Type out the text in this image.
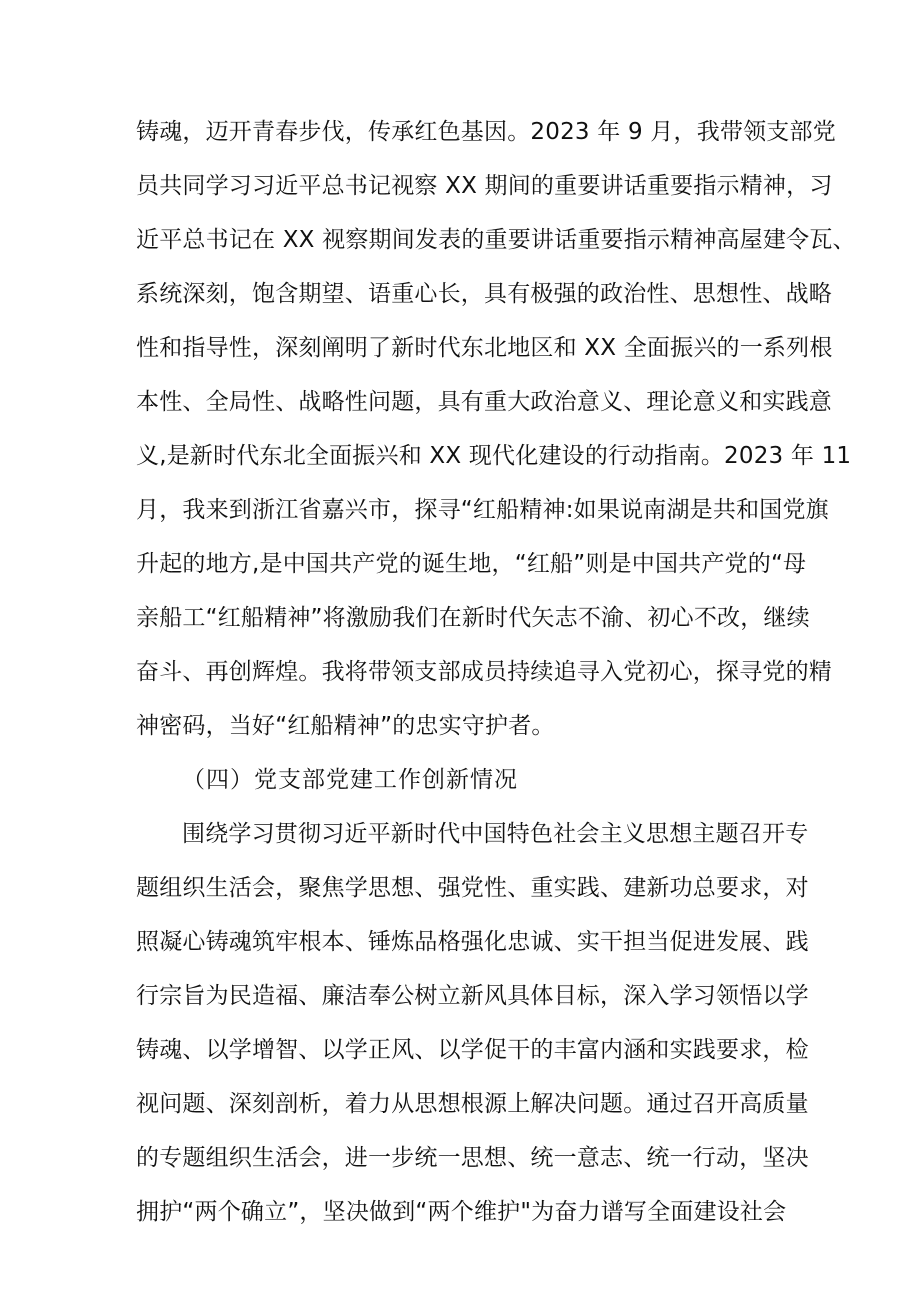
铸魂，迈开青春步伐，传承红色基因。2023 年 9 月，我带领支部党
员共同学习习近平总书记视察 XX 期间的重要讲话重要指示精神，习
近平总书记在 XX 视察期间发表的重要讲话重要指示精神高屋建令瓦、
系统深刻，饱含期望、语重心长，具有极强的政治性、思想性、战略
性和指导性，深刻阐明了新时代东北地区和 XX 全面振兴的一系列根
本性、全局性、战略性问题，具有重大政治意义、理论意义和实践意
义,是新时代东北全面振兴和 XX 现代化建设的行动指南。2023 年 11
月，我来到浙江省嘉兴市，探寻“红船精神:如果说南湖是共和国党旗
升起的地方,是中国共产党的诞生地，“红船”则是中国共产党的“母
亲船工“红船精神”将激励我们在新时代矢志不渝、初心不改，继续
奋斗、再创辉煌。我将带领支部成员持续追寻入党初心，探寻党的精
神密码，当好“红船精神”的忠实守护者。
（四）党支部党建工作创新情况
围绕学习贯彻习近平新时代中国特色社会主义思想主题召开专
题组织生活会，聚焦学思想、强党性、重实践、建新功总要求，对
照凝心铸魂筑牢根本、锤炼品格强化忠诚、实干担当促进发展、践
行宗旨为民造福、廉洁奉公树立新风具体目标，深入学习领悟以学
铸魂、以学增智、以学正风、以学促干的丰富内涵和实践要求，检
视问题、深刻剖析，着力从思想根源上解决问题。通过召开高质量
的专题组织生活会，进一步统一思想、统一意志、统一行动，坚决
拥护“两个确立”，坚决做到“两个维护"为奋力谱写全面建设社会
